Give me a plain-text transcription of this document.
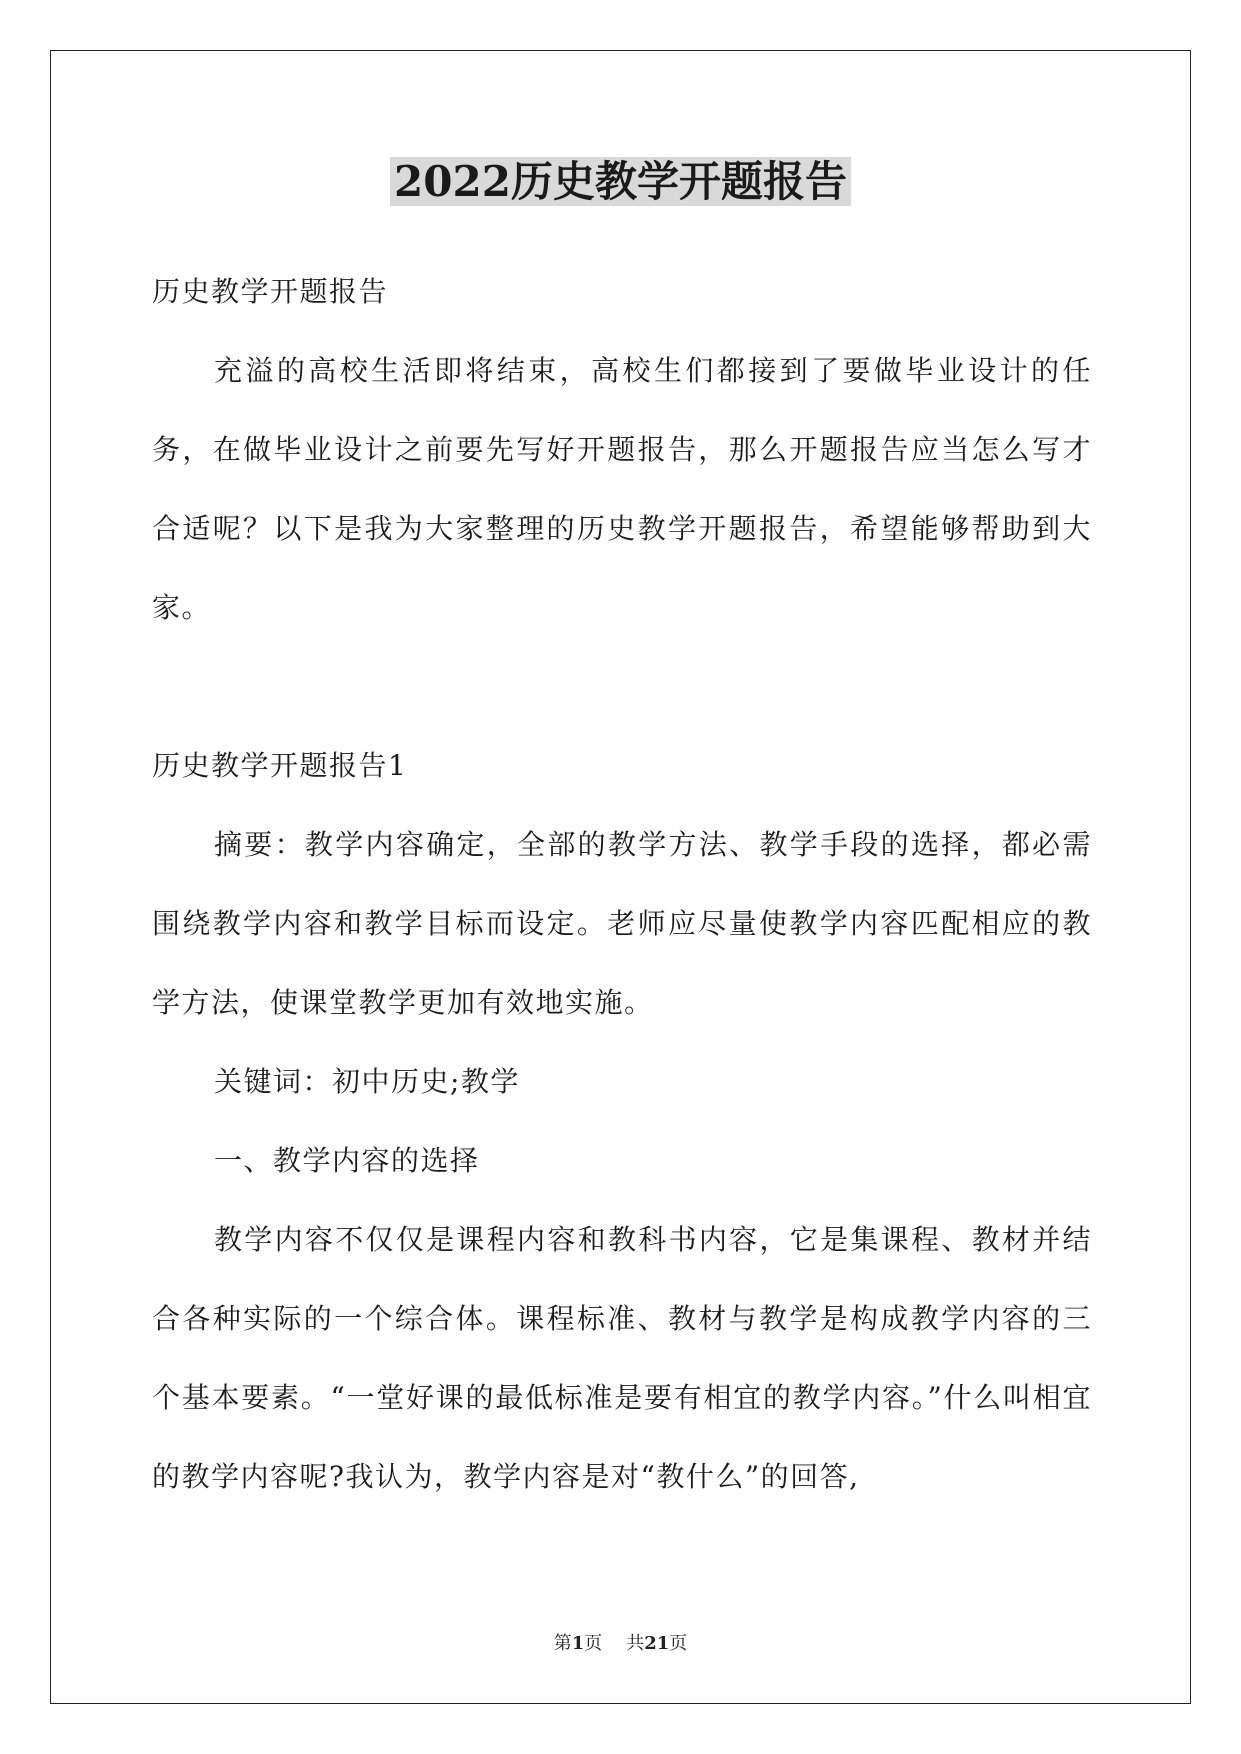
2022历史教学开题报告

历史教学开题报告

充溢的高校生活即将结束，高校生们都接到了要做毕业设计的任务，在做毕业设计之前要先写好开题报告，那么开题报告应当怎么写才合适呢？以下是我为大家整理的历史教学开题报告，希望能够帮助到大家。

历史教学开题报告1

摘要：教学内容确定，全部的教学方法、教学手段的选择，都必需围绕教学内容和教学目标而设定。老师应尽量使教学内容匹配相应的教学方法，使课堂教学更加有效地实施。

关键词：初中历史;教学

一、教学内容的选择

教学内容不仅仅是课程内容和教科书内容，它是集课程、教材并结合各种实际的一个综合体。课程标准、教材与教学是构成教学内容的三个基本要素。“一堂好课的最低标准是要有相宜的教学内容。”什么叫相宜的教学内容呢?我认为，教学内容是对“教什么”的回答,

第1页 共21页
